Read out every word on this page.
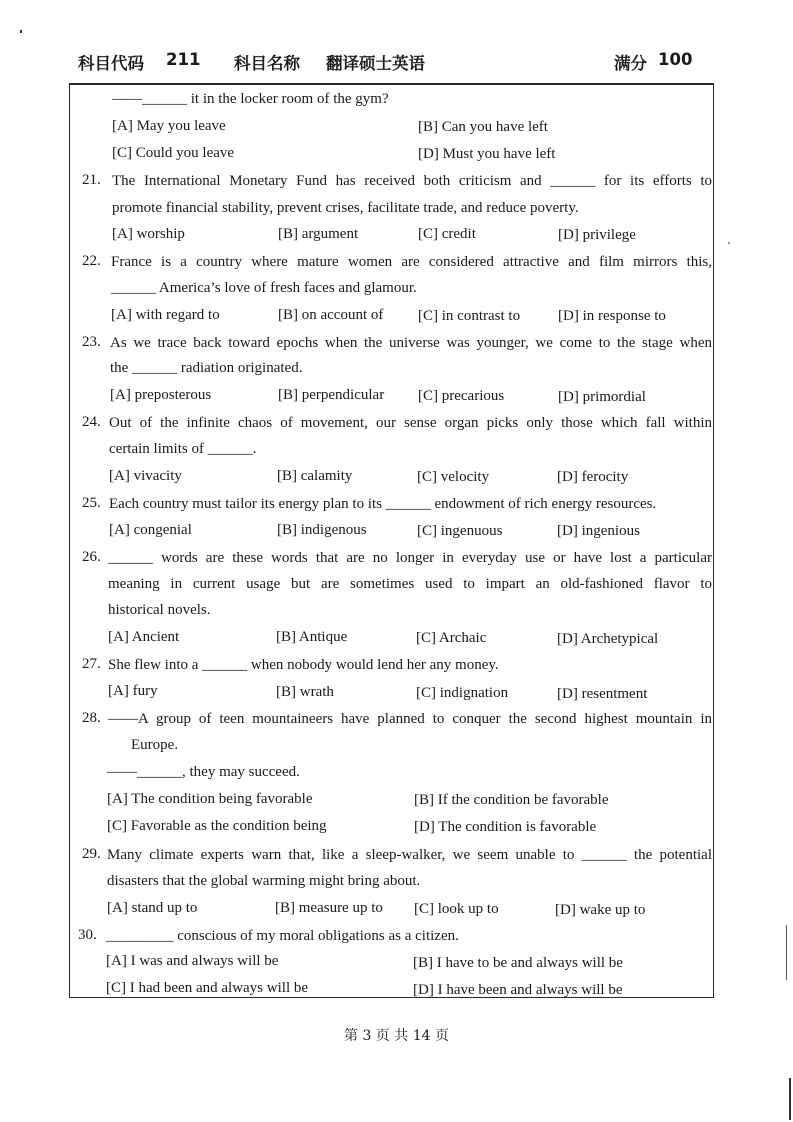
科目代码 211 科目名称 翻译硕士英语	满分 100
——______ it in the locker room of the gym?
[A] May you leave	[B] Can you have left
[C] Could you leave	[D] Must you have left
21. The International Monetary Fund has received both criticism and ______ for its efforts to
promote financial stability, prevent crises, facilitate trade, and reduce poverty.
[A] worship	[B] argument	[C] credit	[D] privilege
22. France is a country where mature women are considered attractive and film mirrors this,
______ America’s love of fresh faces and glamour.
[A] with regard to	[B] on account of [C] in contrast to	[D] in response to
23. As we trace back toward epochs when the universe was younger, we come to the stage when
the ______ radiation originated.
[A] preposterous	[B] perpendicular [C] precarious	[D] primordial
24. Out of the infinite chaos of movement, our sense organ picks only those which fall within
certain limits of ______.
[A] vivacity	[B] calamity	[C] velocity	[D] ferocity
25. Each country must tailor its energy plan to its ______ endowment of rich energy resources.
[A] congenial	[B] indigenous	[C] ingenuous	[D] ingenious
26. ______ words are these words that are no longer in everyday use or have lost a particular
meaning in current usage but are sometimes used to impart an old-fashioned flavor to
historical novels.
[A] Ancient	[B] Antique	[C] Archaic	[D] Archetypical
27. She flew into a ______ when nobody would lend her any money.
[A] fury	[B] wrath	[C] indignation	[D] resentment
28. ——A group of teen mountaineers have planned to conquer the second highest mountain in
Europe.
——______, they may succeed.
[A] The condition being favorable	[B] If the condition be favorable
[C] Favorable as the condition being	[D] The condition is favorable
29. Many climate experts warn that, like a sleep-walker, we seem unable to ______ the potential
disasters that the global warming might bring about.
[A] stand up to	[B] measure up to [C] look up to	[D] wake up to
30. _________ conscious of my moral obligations as a citizen.
[A] I was and always will be	[B] I have to be and always will be
[C] I had been and always will be	[D] I have been and always will be
第 3 页 共 14 页
